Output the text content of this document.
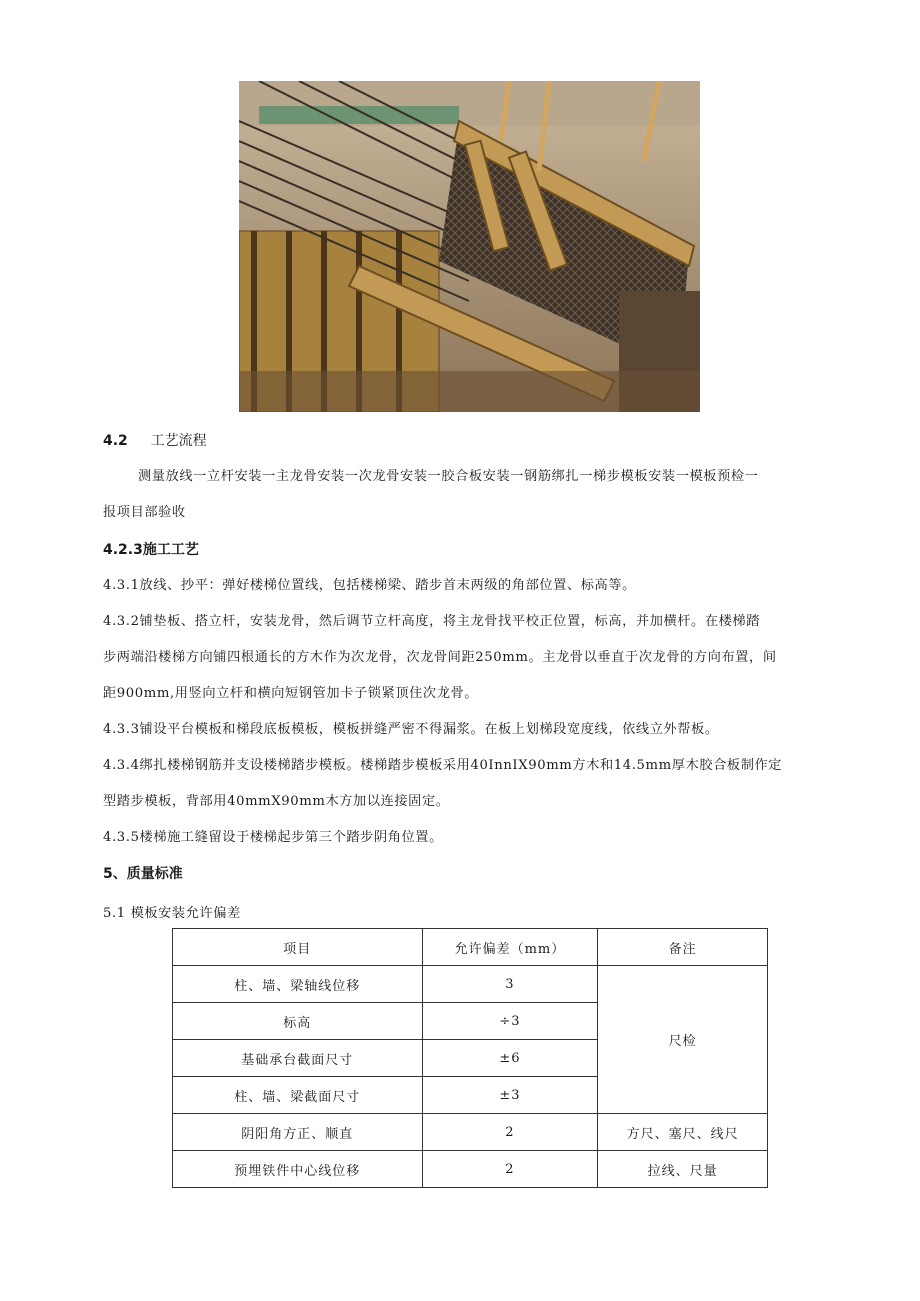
4.2 工艺流程
测量放线一立杆安装一主龙骨安装一次龙骨安装一胶合板安装一钢筋绑扎一梯步模板安装一模板预检一
报项目部验收
4.2.3施工工艺
4.3.1放线、抄平：弹好楼梯位置线，包括楼梯梁、踏步首末两级的角部位置、标高等。
4.3.2铺垫板、搭立杆，安装龙骨，然后调节立杆高度，将主龙骨找平校正位置，标高，并加横杆。在楼梯踏
步两端沿楼梯方向铺四根通长的方木作为次龙骨，次龙骨间距250mm。主龙骨以垂直于次龙骨的方向布置，间
距900mm,用竖向立杆和横向短钢管加卡子锁紧顶住次龙骨。
4.3.3铺设平台模板和梯段底板模板，模板拼缝严密不得漏浆。在板上划梯段宽度线，依线立外帮板。
4.3.4绑扎楼梯钢筋并支设楼梯踏步模板。楼梯踏步模板采用40InnIX90mm方木和14.5mm厚木胶合板制作定
型踏步模板，背部用40mmX90mm木方加以连接固定。
4.3.5楼梯施工缝留设于楼梯起步第三个踏步阴角位置。
5、质量标准
5.1 模板安装允许偏差
项目	允许偏差（mm）	备注
柱、墙、梁轴线位移	3	尺检
标高	÷3	
基础承台截面尺寸	±6	
柱、墙、梁截面尺寸	±3	
阴阳角方正、顺直	2	方尺、塞尺、线尺
预埋铁件中心线位移	2	拉线、尺量
